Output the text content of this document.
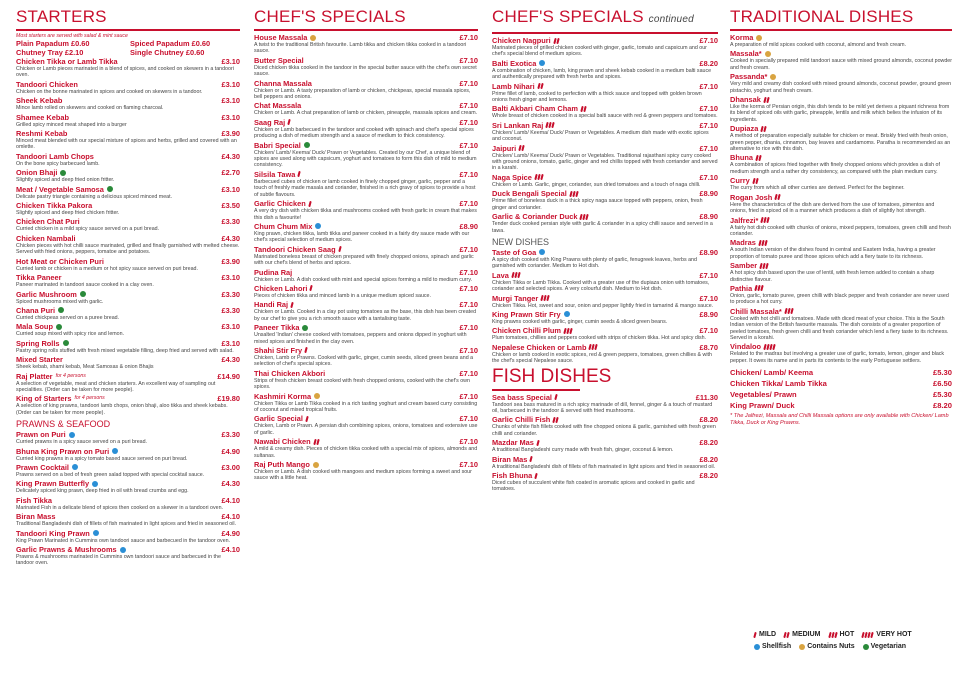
STARTERS
Most starters are served with salad & mint sauce
Plain Papadum £0.60	Spiced Papadum £0.60
Chutney Tray £2.10	Single Chutney £0.60
Chicken Tikka or Lamb Tikka	£3.10
Chicken or Lamb pieces marinated in a blend of spices, and cooked on skewers in a tandoori oven.
Tandoori Chicken	£3.10
Chicken on the bonne marinated in spices and cooked on skewers in a tandoor.
Sheek Kebab	£3.10
Mince lamb rolled on skewers and cooked on flaming charcoal.
Shamee Kebab	£3.10
Grilled spicy minced meat shaped into a burger
Reshmi Kebab	£3.90
Minced meat blended with our special mixture of spices and herbs, grilled and covered with an omlette.
Tandoori Lamb Chops	£4.30
On the bone spicy barbecued lamb.
Onion Bhaji	£2.70
Slightly spiced and deep fried onion fritter.
Meat / Vegetable Samosa	£3.10
Delicate pastry triangle containing a delicious spiced minced meat.
Chicken Tikka Pakora	£3.50
Slightly spiced and deep fried chicken fritter.
Chicken Chat Puri	£3.30
Curried chicken in a mild spicy sauce served on a puri bread.
Chicken Nambali	£4.30
Chicken pieces with hot chilli sauce marinated, grilled and finally garnished with melted cheese. Served with fried onions, peppers, tomatoe and potatoes.
Hot Meat or Chicken Puri	£3.90
Curried lamb or chicken in a medium or hot spicy sauce served on puri bread.
Tikka Paneer	£3.10
Paneer marinated in tandoori sauce cooked in a clay oven.
Garlic Mushroom	£3.30
Spiced mushrooms mixed with garlic.
Chana Puri	£3.30
Curried chickpeas served on a puree bread.
Mala Soup	£3.10
Curried soup mixed with spicy rice and lemon.
Spring Rolls	£3.10
Pastry spring rolls stuffed with fresh mixed vegetable filling, deep fried and served with salad.
Mixed Starter	£4.30
Sheek kebab, shami kebab, Meat Samosas & onion Bhajis
Raj Platter for 4 persons	£14.90
A selection of vegetable, meat and chicken starters. An excellent way of sampling out specialities. (Order can be taken for more people).
King of Starters for 4 persons	£19.80
A selection of king prawns, tandoori lamb chops, onion bhaji, aloo tikka and sheek kebabs. (Order can be taken for more people).
PRAWNS & SEAFOOD
Prawn on Puri	£3.30
Curried prawns in a spicy sauce served on a puri bread.
Bhuna King Prawn on Puri	£4.90
Curried king prawns in a spicy tomato based sauce served on puri bread.
Prawn Cocktail	£3.00
Prawns served on a bed of fresh green salad topped with special cocktail sauce.
King Prawn Butterfly	£4.30
Delicately spiced king prawn, deep fried in oil with bread crumbs and egg.
Fish Tikka	£4.10
Marinated Fish in a delicate blend of spices then cooked on a skewer in a tandoori oven.
Biran Mass	£4.10
Traditional Bangladeshi dish of fillets of fish marinated in light spices and fried in seasoned oil.
Tandoori King Prawn	£4.90
King Prawn Marinated in Cummins own tandoori sauce and barbecued in the tandoor oven.
Garlic Prawns & Mushrooms	£4.10
Prawns & mushrooms marinated in Cummins own tandoori sauce and barbecued in the tandoor oven.
CHEF'S SPECIALS
House Massala	£7.10
A twist to the traditional British favourite. Lamb tikka and chicken tikka cooked in a tandoori sauce.
Butter Special	£7.10
Diced chicken tikka cooked in the tandoor in the special butter sauce with the chef's own secret sauce.
Channa Massala	£7.10
Chicken or Lamb. A tasty preparation of lamb or chicken, chickpeas, special massala spices, bell peppers and onions.
Chat Massala	£7.10
Chicken or Lamb. A chat preparation of lamb or chicken, pineapple, massala spices and cream.
Saag Raj	£7.10
Chicken or Lamb barbecued in the tandoor and cooked with spinach and chef's special spices producing a dish of medium strength and a sauce of medium to thick consistency.
Babri Special	£7.10
Chicken/ Lamb/ Keema/ Duck/ Prawn or Vegetables. Created by our Chef, a unique blend of spices are used along with capsicum, yoghurt and tomatoes to form this dish of mild to medium consistency.
Silsila Tawa	£7.10
Barbecued cubes of chicken or lamb cooked in finely chopped ginger, garlic, pepper and a touch of freshly made masala and coriander, finished in a rich gravy of spices to provide a host of subtle flavours.
Garlic Chicken	£7.10
A very dry dish with chicken tikka and mushrooms cooked with fresh garlic in cream that makes this dish a favourite!
Chum Chum Mix	£8.90
King prawn, chicken tikka, lamb tikka and paneer cooked in a fairly dry sauce made with our chef's special selection of medium spices.
Tandoori Chicken Saag	£7.10
Marinated boneless breast of chicken prepared with finely chopped onions, spinach and garlic with our chef's blend of herbs and spices.
Pudina Raj	£7.10
Chicken or Lamb. A dish cooked with mint and special spices forming a mild to medium curry.
Chicken Lahori	£7.10
Pieces of chicken tikka and minced lamb in a unique medium spiced sauce.
Handi Raj	£7.10
Chicken or Lamb. Cooked in a clay pot using tomatoes as the base, this dish has been created by our chef to give you a rich smooth sauce with a tantalising taste.
Paneer Tikka	£7.10
Unsalted 'Indian' cheese cooked with tomatoes, peppers and onions dipped in yoghurt with mixed spices and finished in the clay oven.
Shahi Stir Fry	£7.10
Chicken, Lamb or Prawns. Cooked with garlic, ginger, cumin seeds, sliced green beans and a selection of chef's special spices.
Thai Chicken Akbori	£7.10
Strips of fresh chicken breast cooked with fresh chopped onions, cooked with the chef's own spices.
Kashmiri Korma	£7.10
Chicken Tikka or Lamb Tikka cooked in a rich tasting yoghurt and cream based curry consisting of coconut and mixed tropical fruits.
Garlic Special	£7.10
Chicken, Lamb or Prawn. A persian dish combining spices, onions, tomatoes and extensive use of garlic.
Nawabi Chicken	£7.10
A mild & creamy dish. Pieces of chicken tikka cooked with a special mix of spices, almonds and sultanas.
Raj Puth Mango	£7.10
Chicken or Lamb. A dish cooked with mangoes and medium spices forming a sweet and sour sauce with a little heat.
CHEF'S SPECIALS continued
Chicken Nagpuri	£7.10
Marinated pieces of grilled chicken cooked with ginger, garlic, tomato and capsicum and our chef's special blend of medium spices.
Balti Exotica	£8.20
A combination of chicken, lamb, king prawn and sheek kebab cooked in a medium balti sauce and authentically prepared with fresh herbs and spices.
Lamb Nihari	£7.10
Prime fillet of lamb, cooked to perfection with a thick sauce and topped with golden brown onions fresh ginger and lemons.
Balti Akbari Cham Cham	£7.10
Whole breast of chicken cooked in a special balti sauce with red & green peppers and tomatoes.
Sri Lankan Raj	£7.10
Chicken/ Lamb/ Keema/ Duck/ Prawn or Vegetables. A medium dish made with exotic spices and coconut.
Jaipuri	£7.10
Chicken/ Lamb/ Keema/ Duck/ Prawn or Vegetables. Traditional rajasthani spicy curry cooked with ground onions, tomato, garlic, ginger and red chillis topped with fresh corriander and served in a karahi.
Naga Spice	£7.10
Chicken or Lamb. Garlic, ginger, coriander, sun dried tomatoes and a touch of naga chilli.
Duck Bengali Special	£8.90
Prime fillet of boneless duck in a thick spicy naga sauce topped with peppers, onion, fresh ginger and coriander.
Garlic & Coriander Duck	£8.90
Tender duck cooked persian style with garlic & coriander in a spicy chilli sauce and served in a tawa.
NEW DISHES
Taste of Goa	£8.90
A spicy dish cooked with King Prawns with plenty of garlic, fenugreek leaves, herbs and garnished with coriander. Medium to Hot dish.
Lava	£7.10
Chicken Tikka or Lamb Tikka. Cooked with a greater use of the dupiaza onion with tomatoes, coriander and selected spices. A very colourful dish. Medium to Hot dish.
Murgi Tanger	£7.10
Chicken Tikka. Hot, sweet and sour, onion and pepper lightly fried in tamarind & mango sauce.
King Prawn Stir Fry	£8.90
King prawns cooked with garlic, ginger, cumin seeds & sliced green beans.
Chicken Chilli Plum	£7.10
Plum tomatoes, chillies and peppers cooked with strips of chicken tikka. Hot and spicy dish.
Nepalese Chicken or Lamb	£8.70
Chicken or lamb cooked in exotic spices, red & green peppers, tomatoes, green chillies & with the chef's special Nepalese sauce.
FISH DISHES
Sea bass Special	£11.30
Tandoori sea bass matured in a rich spicy marinade of dill, fennel, ginger & a touch of mustard oil, barbecued in the tandoor & served with fried mushrooms.
Garlic Chilli Fish	£8.20
Chunks of white fish fillets cooked with fine chopped onions & garlic, garnished with fresh green chilli and coriander.
Mazdar Mas	£8.20
A traditional Bangladeshi curry made with fresh fish, ginger, coconut & lemon.
Biran Mas	£8.20
A traditional Bangladeshi dish of fillets of fish marinated in light spices and fried in seasoned oil.
Fish Bhuna	£8.20
Diced cubes of succulent white fish coated in aromatic spices and cooked in garlic and tomatoes.
TRADITIONAL DISHES
Korma
A preparation of mild spices cooked with coconut, almond and fresh cream.
Massala*
Cooked in specially prepared mild tandoori sauce with mixed ground almonds, coconut powder and fresh cream.
Passanda*
Very mild and creamy dish cooked with mixed ground almonds, coconut powder, ground green pistachio, yoghurt and fresh cream.
Dhansak
Like the korma of Persian origin, this dish tends to be mild yet derives a piquant richness from its blend of spiced oils with garlic, pineapple, lentils and milk which belies the infusion of its ingredients.
Dupiaza
A method of preparation especially suitable for chicken or meat. Briskly fried with fresh onion, green pepper, dhania, cinnamon, bay leaves and cardamoms. Paratha is recommended as an alternative to rice with this dish.
Bhuna
A combination of spices fried together with finely chopped onions which provides a dish of medium strength and a rather dry consistency, as compared with the plain medium curry.
Curry
The curry from which all other curries are derived. Perfect for the beginner.
Rogan Josh
Here the characteristics of the dish are derived from the use of tomatoes, pimentos and onions, fried in spiced oil in a manner which produces a dish of slightly hot strength.
Jalfrezi*
A fairly hot dish cooked with chunks of onions, mixed peppers, tomatoes, green chilli and fresh coriander.
Madras
A south Indian version of the dishes found in central and Eastern India, having a greater proportion of tomato puree and those spices which add a fiery taste to its richness.
Samber
A hot spicy dish based upon the use of lentil, with fresh lemon added to contain a sharp distinctive flavour.
Pathia
Onion, garlic, tomato puree, green chilli with black pepper and fresh coriander are never used to produce a hot curry.
Chilli Massala*
Cooked with hot chilli and tomatoes. Made with diced meat of your choice. This is the South Indian version of the British favourite massala. The dish consists of a greater proportion of peeled tomatoes, fresh green chilli and fresh coriander which lend a fiery taste to its richness. Served in a korahi.
Vindaloo
Related to the madras but involving a greater use of garlic, tomato, lemon, ginger and black pepper. It owes its name and in parts its contents to the early Portuguese settlers.
Chicken/ Lamb/ Keema	£5.30
Chicken Tikka/ Lamb Tikka	£6.50
Vegetables/ Prawn	£5.30
King Prawn/ Duck	£8.20
* The Jalfrezi, Massala and Chilli Massala options are only available with Chicken/ Lamb Tikka, Duck or King Prawns.
MILD MEDIUM	HOT	VERY HOT
Shellfish Contains Nuts Vegetarian
